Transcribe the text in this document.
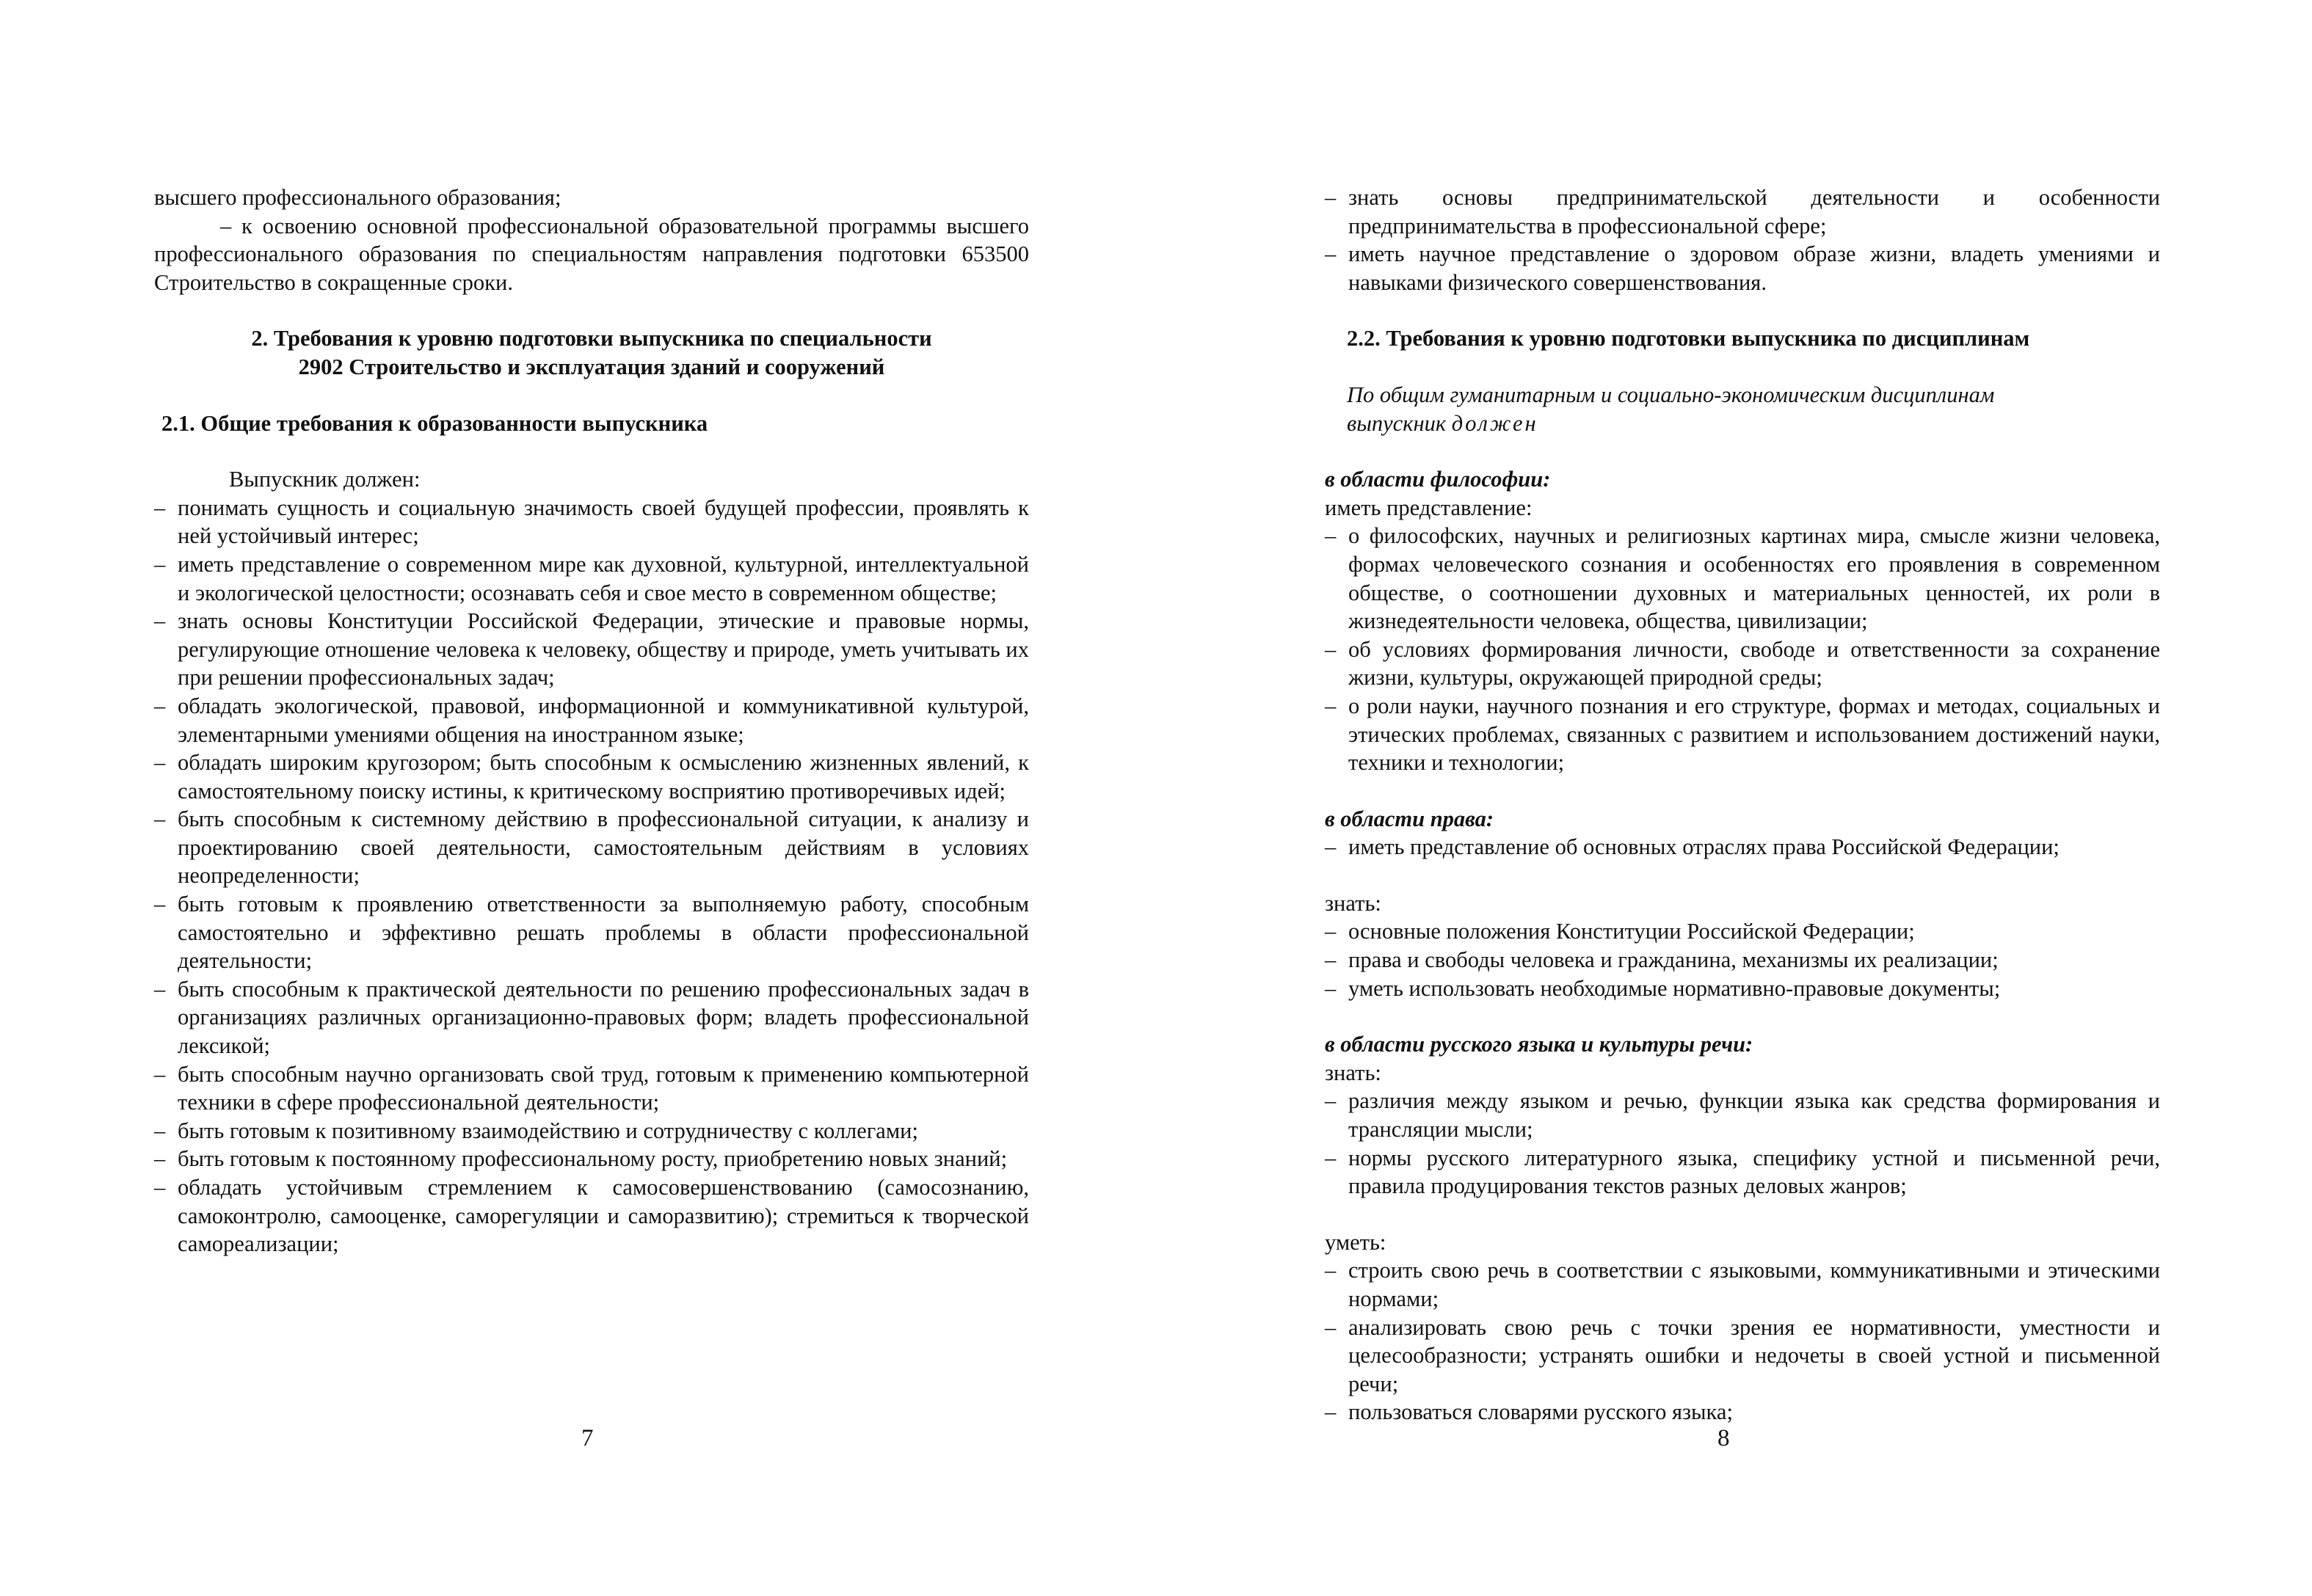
высшего профессионального образования;

– к освоению основной профессиональной образовательной программы высшего профессионального образования по специальностям направления подготовки 653500 Строительство в сокращенные сроки.

2. Требования к уровню подготовки выпускника по специальности

2902 Строительство и эксплуатация зданий и сооружений

2.1. Общие требования к образованности выпускника

Выпускник должен:

– понимать сущность и социальную значимость своей будущей профессии, проявлять к ней устойчивый интерес;
– иметь представление о современном мире как духовной, культурной, интеллектуальной и экологической целостности; осознавать себя и свое место в современном обществе;
– знать основы Конституции Российской Федерации, этические и правовые нормы, регулирующие отношение человека к человеку, обществу и природе, уметь учитывать их при решении профессиональных задач;
– обладать экологической, правовой, информационной и коммуникативной культурой, элементарными умениями общения на иностранном языке;
– обладать широким кругозором; быть способным к осмыслению жизненных явлений, к самостоятельному поиску истины, к критическому восприятию противоречивых идей;
– быть способным к системному действию в профессиональной ситуации, к анализу и проектированию своей деятельности, самостоятельным действиям в условиях неопределенности;
– быть готовым к проявлению ответственности за выполняемую работу, способным самостоятельно и эффективно решать проблемы в области профессиональной деятельности;
– быть способным к практической деятельности по решению профессиональных задач в организациях различных организационно-правовых форм; владеть профессиональной лексикой;
– быть способным научно организовать свой труд, готовым к применению компьютерной техники в сфере профессиональной деятельности;
– быть готовым к позитивному взаимодействию и сотрудничеству с коллегами;
– быть готовым к постоянному профессиональному росту, приобретению новых знаний;
– обладать устойчивым стремлением к самосовершенствованию (самосознанию, самоконтролю, самооценке, саморегуляции и саморазвитию); стремиться к творческой самореализации;
7
– знать основы предпринимательской деятельности и особенности предпринимательства в профессиональной сфере;
– иметь научное представление о здоровом образе жизни, владеть умениями и навыками физического совершенствования.

2.2. Требования к уровню подготовки выпускника по дисциплинам

По общим гуманитарным и социально-экономическим дисциплинам

выпускник должен

в области философии:

иметь представление:

– о философских, научных и религиозных картинах мира, смысле жизни человека, формах человеческого сознания и особенностях его проявления в современном обществе, о соотношении духовных и материальных ценностей, их роли в жизнедеятельности человека, общества, цивилизации;
– об условиях формирования личности, свободе и ответственности за сохранение жизни, культуры, окружающей природной среды;
– о роли науки, научного познания и его структуре, формах и методах, социальных и этических проблемах, связанных с развитием и использованием достижений науки, техники и технологии;

в области права:

– иметь представление об основных отраслях права Российской Федерации;

знать:

– основные положения Конституции Российской Федерации;
– права и свободы человека и гражданина, механизмы их реализации;
– уметь использовать необходимые нормативно-правовые документы;

в области русского языка и культуры речи:

знать:

– различия между языком и речью, функции языка как средства формирования и трансляции мысли;
– нормы русского литературного языка, специфику устной и письменной речи, правила продуцирования текстов разных деловых жанров;

уметь:

– строить свою речь в соответствии с языковыми, коммуникативными и этическими нормами;
– анализировать свою речь с точки зрения ее нормативности, уместности и целесообразности; устранять ошибки и недочеты в своей устной и письменной речи;
– пользоваться словарями русского языка;
8
